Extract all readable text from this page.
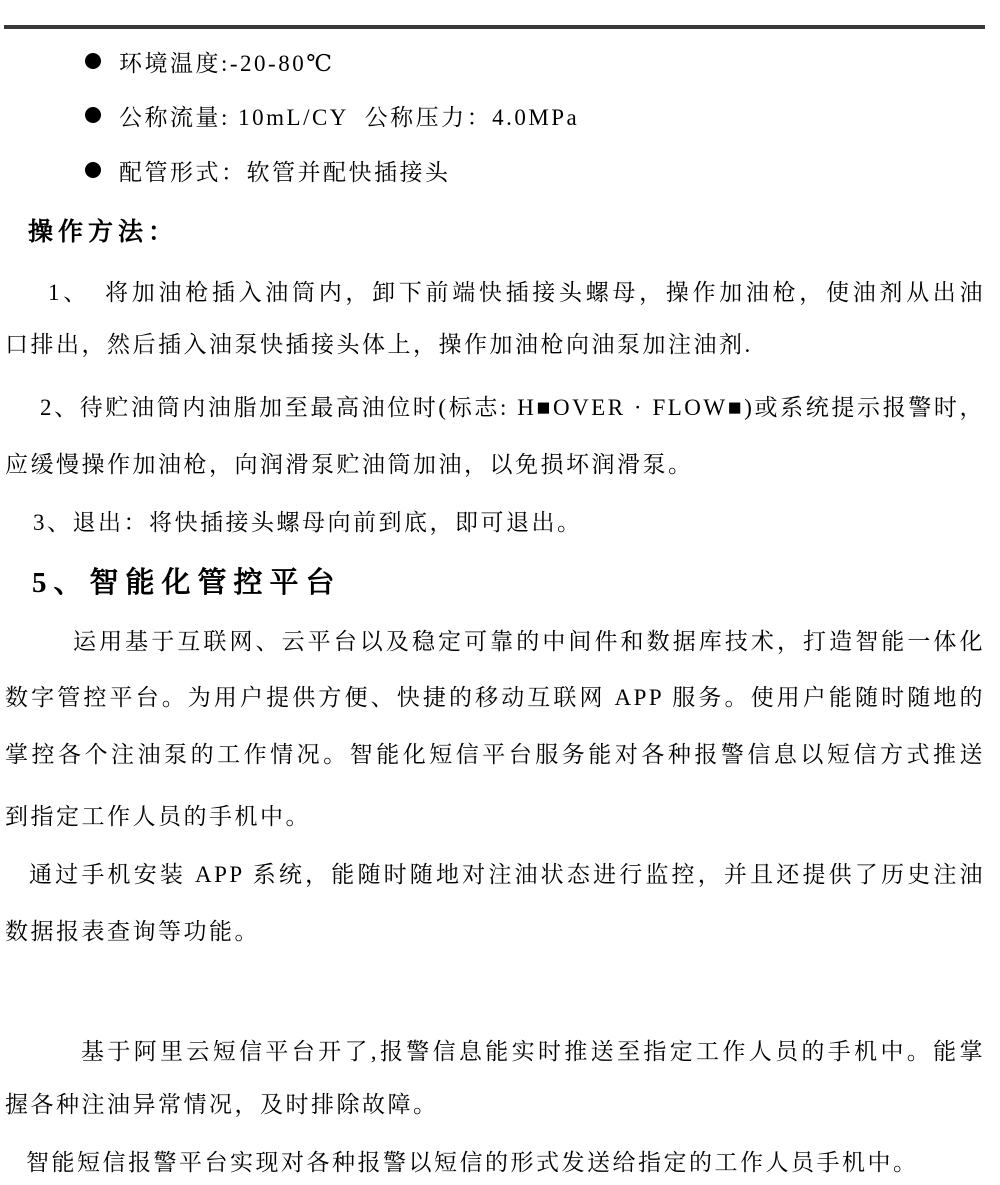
环境温度:-20-80℃
公称流量: 10mL/CY  公称压力：4.0MPa
配管形式：软管并配快插接头
操作方法：
1、　将加油枪插入油筒内，卸下前端快插接头螺母，操作加油枪，使油剂从出油
口排出，然后插入油泵快插接头体上，操作加油枪向油泵加注油剂.
2、待贮油筒内油脂加至最高油位时(标志: H■OVER · FLOW■)或系统提示报警时，
应缓慢操作加油枪，向润滑泵贮油筒加油，以免损坏润滑泵。
3、退出：将快插接头螺母向前到底，即可退出。
5、智能化管控平台
运用基于互联网、云平台以及稳定可靠的中间件和数据库技术，打造智能一体化
数字管控平台。为用户提供方便、快捷的移动互联网 APP 服务。使用户能随时随地的
掌控各个注油泵的工作情况。智能化短信平台服务能对各种报警信息以短信方式推送
到指定工作人员的手机中。
通过手机安装 APP 系统，能随时随地对注油状态进行监控，并且还提供了历史注油
数据报表查询等功能。
基于阿里云短信平台开了,报警信息能实时推送至指定工作人员的手机中。能掌
握各种注油异常情况，及时排除故障。
智能短信报警平台实现对各种报警以短信的形式发送给指定的工作人员手机中。
